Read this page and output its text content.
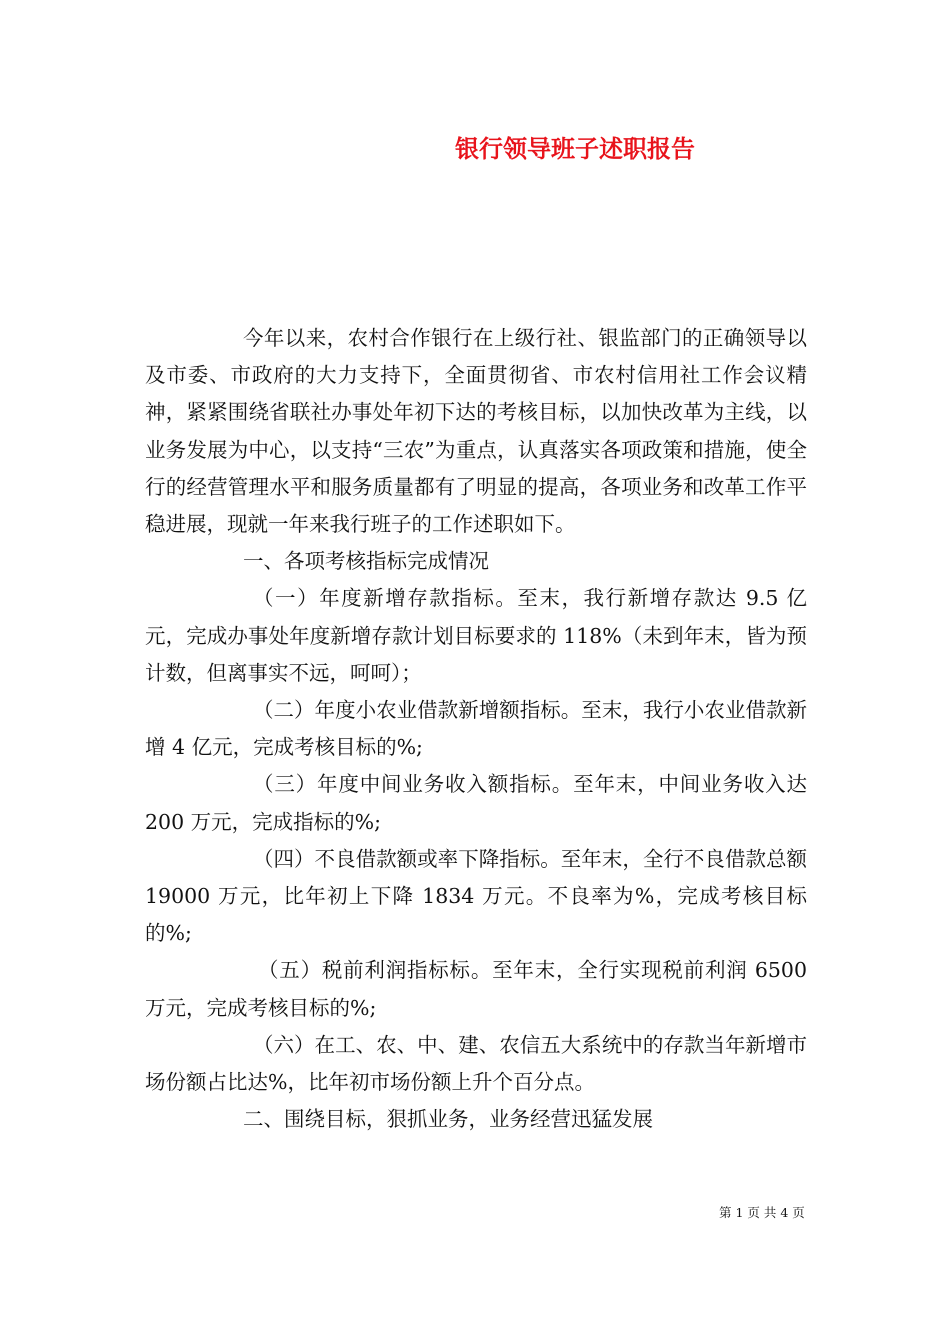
银行领导班子述职报告

今年以来，农村合作银行在上级行社、银监部门的正确领导以及市委、市政府的大力支持下，全面贯彻省、市农村信用社工作会议精神，紧紧围绕省联社办事处年初下达的考核目标，以加快改革为主线，以业务发展为中心，以支持“三农”为重点，认真落实各项政策和措施，使全行的经营管理水平和服务质量都有了明显的提高，各项业务和改革工作平稳进展，现就一年来我行班子的工作述职如下。

一、各项考核指标完成情况

（一）年度新增存款指标。至末，我行新增存款达 9.5 亿元，完成办事处年度新增存款计划目标要求的 118%（未到年末，皆为预计数，但离事实不远，呵呵）；

（二）年度小农业借款新增额指标。至末，我行小农业借款新增 4 亿元，完成考核目标的%;

（三）年度中间业务收入额指标。至年末，中间业务收入达 200 万元，完成指标的%;

（四）不良借款额或率下降指标。至年末，全行不良借款总额 19000 万元，比年初上下降 1834 万元。不良率为%，完成考核目标的%;

（五）税前利润指标标。至年末，全行实现税前利润 6500 万元，完成考核目标的%;

（六）在工、农、中、建、农信五大系统中的存款当年新增市场份额占比达%，比年初市场份额上升个百分点。

二、围绕目标，狠抓业务，业务经营迅猛发展

第 1 页 共 4 页
